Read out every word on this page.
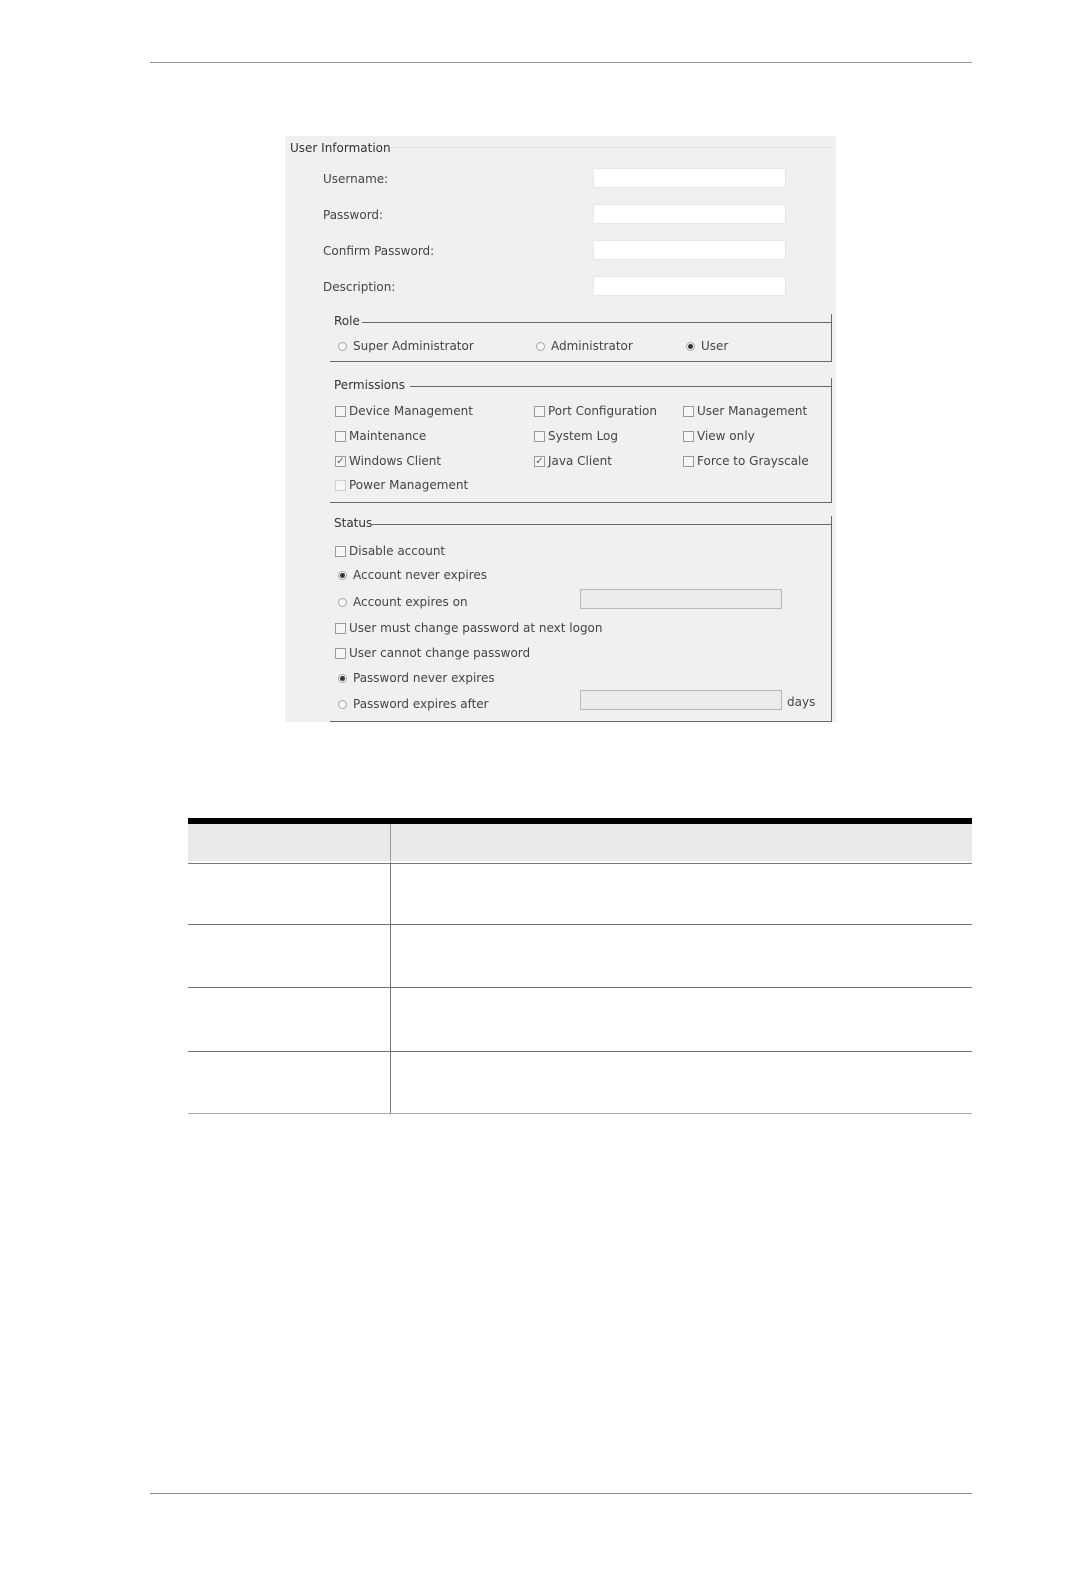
User Information
Username:
Password:
Confirm Password:
Description:
Role
Super Administrator	Administrator	User
Permissions
Device Management	Port Configuration	User Management
Maintenance	System Log	View only
✓ Windows Client	✓ Java Client	Force to Grayscale
Power Management
Status
Disable account
Account never expires
Account expires on
User must change password at next logon
User cannot change password
Password never expires
Password expires after	days
